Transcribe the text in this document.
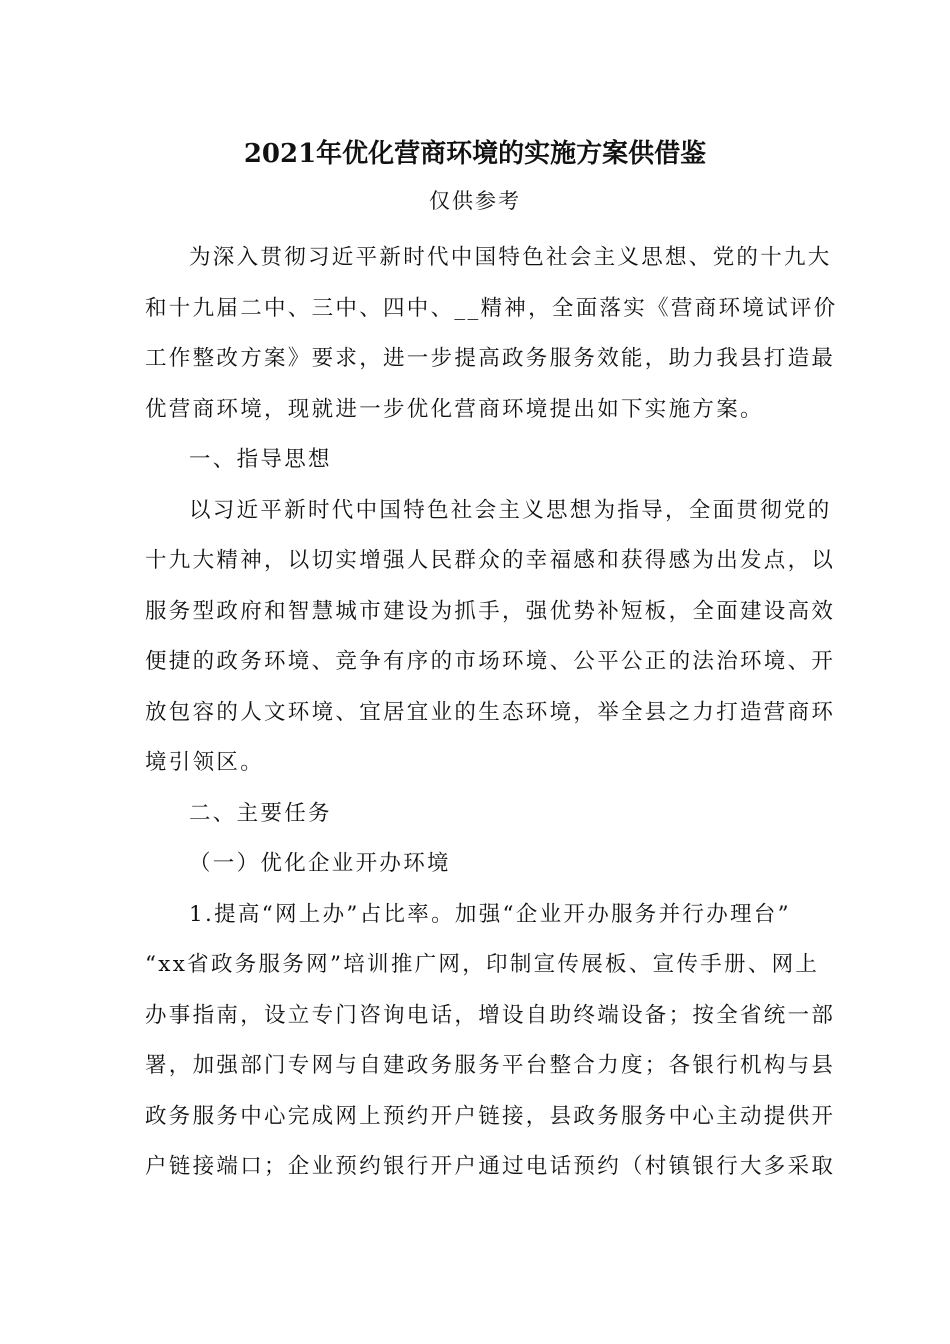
2021年优化营商环境的实施方案供借鉴
仅供参考
为深入贯彻习近平新时代中国特色社会主义思想、党的十九大
和十九届二中、三中、四中、__精神，全面落实《营商环境试评价
工作整改方案》要求，进一步提高政务服务效能，助力我县打造最
优营商环境，现就进一步优化营商环境提出如下实施方案。
一、指导思想
以习近平新时代中国特色社会主义思想为指导，全面贯彻党的
十九大精神，以切实增强人民群众的幸福感和获得感为出发点，以
服务型政府和智慧城市建设为抓手，强优势补短板，全面建设高效
便捷的政务环境、竞争有序的市场环境、公平公正的法治环境、开
放包容的人文环境、宜居宜业的生态环境，举全县之力打造营商环
境引领区。
二、主要任务
（一）优化企业开办环境
1.提高“网上办”占比率。加强“企业开办服务并行办理台”
“xx省政务服务网”培训推广网，印制宣传展板、宣传手册、网上
办事指南，设立专门咨询电话，增设自助终端设备；按全省统一部
署，加强部门专网与自建政务服务平台整合力度；各银行机构与县
政务服务中心完成网上预约开户链接，县政务服务中心主动提供开
户链接端口；企业预约银行开户通过电话预约（村镇银行大多采取
